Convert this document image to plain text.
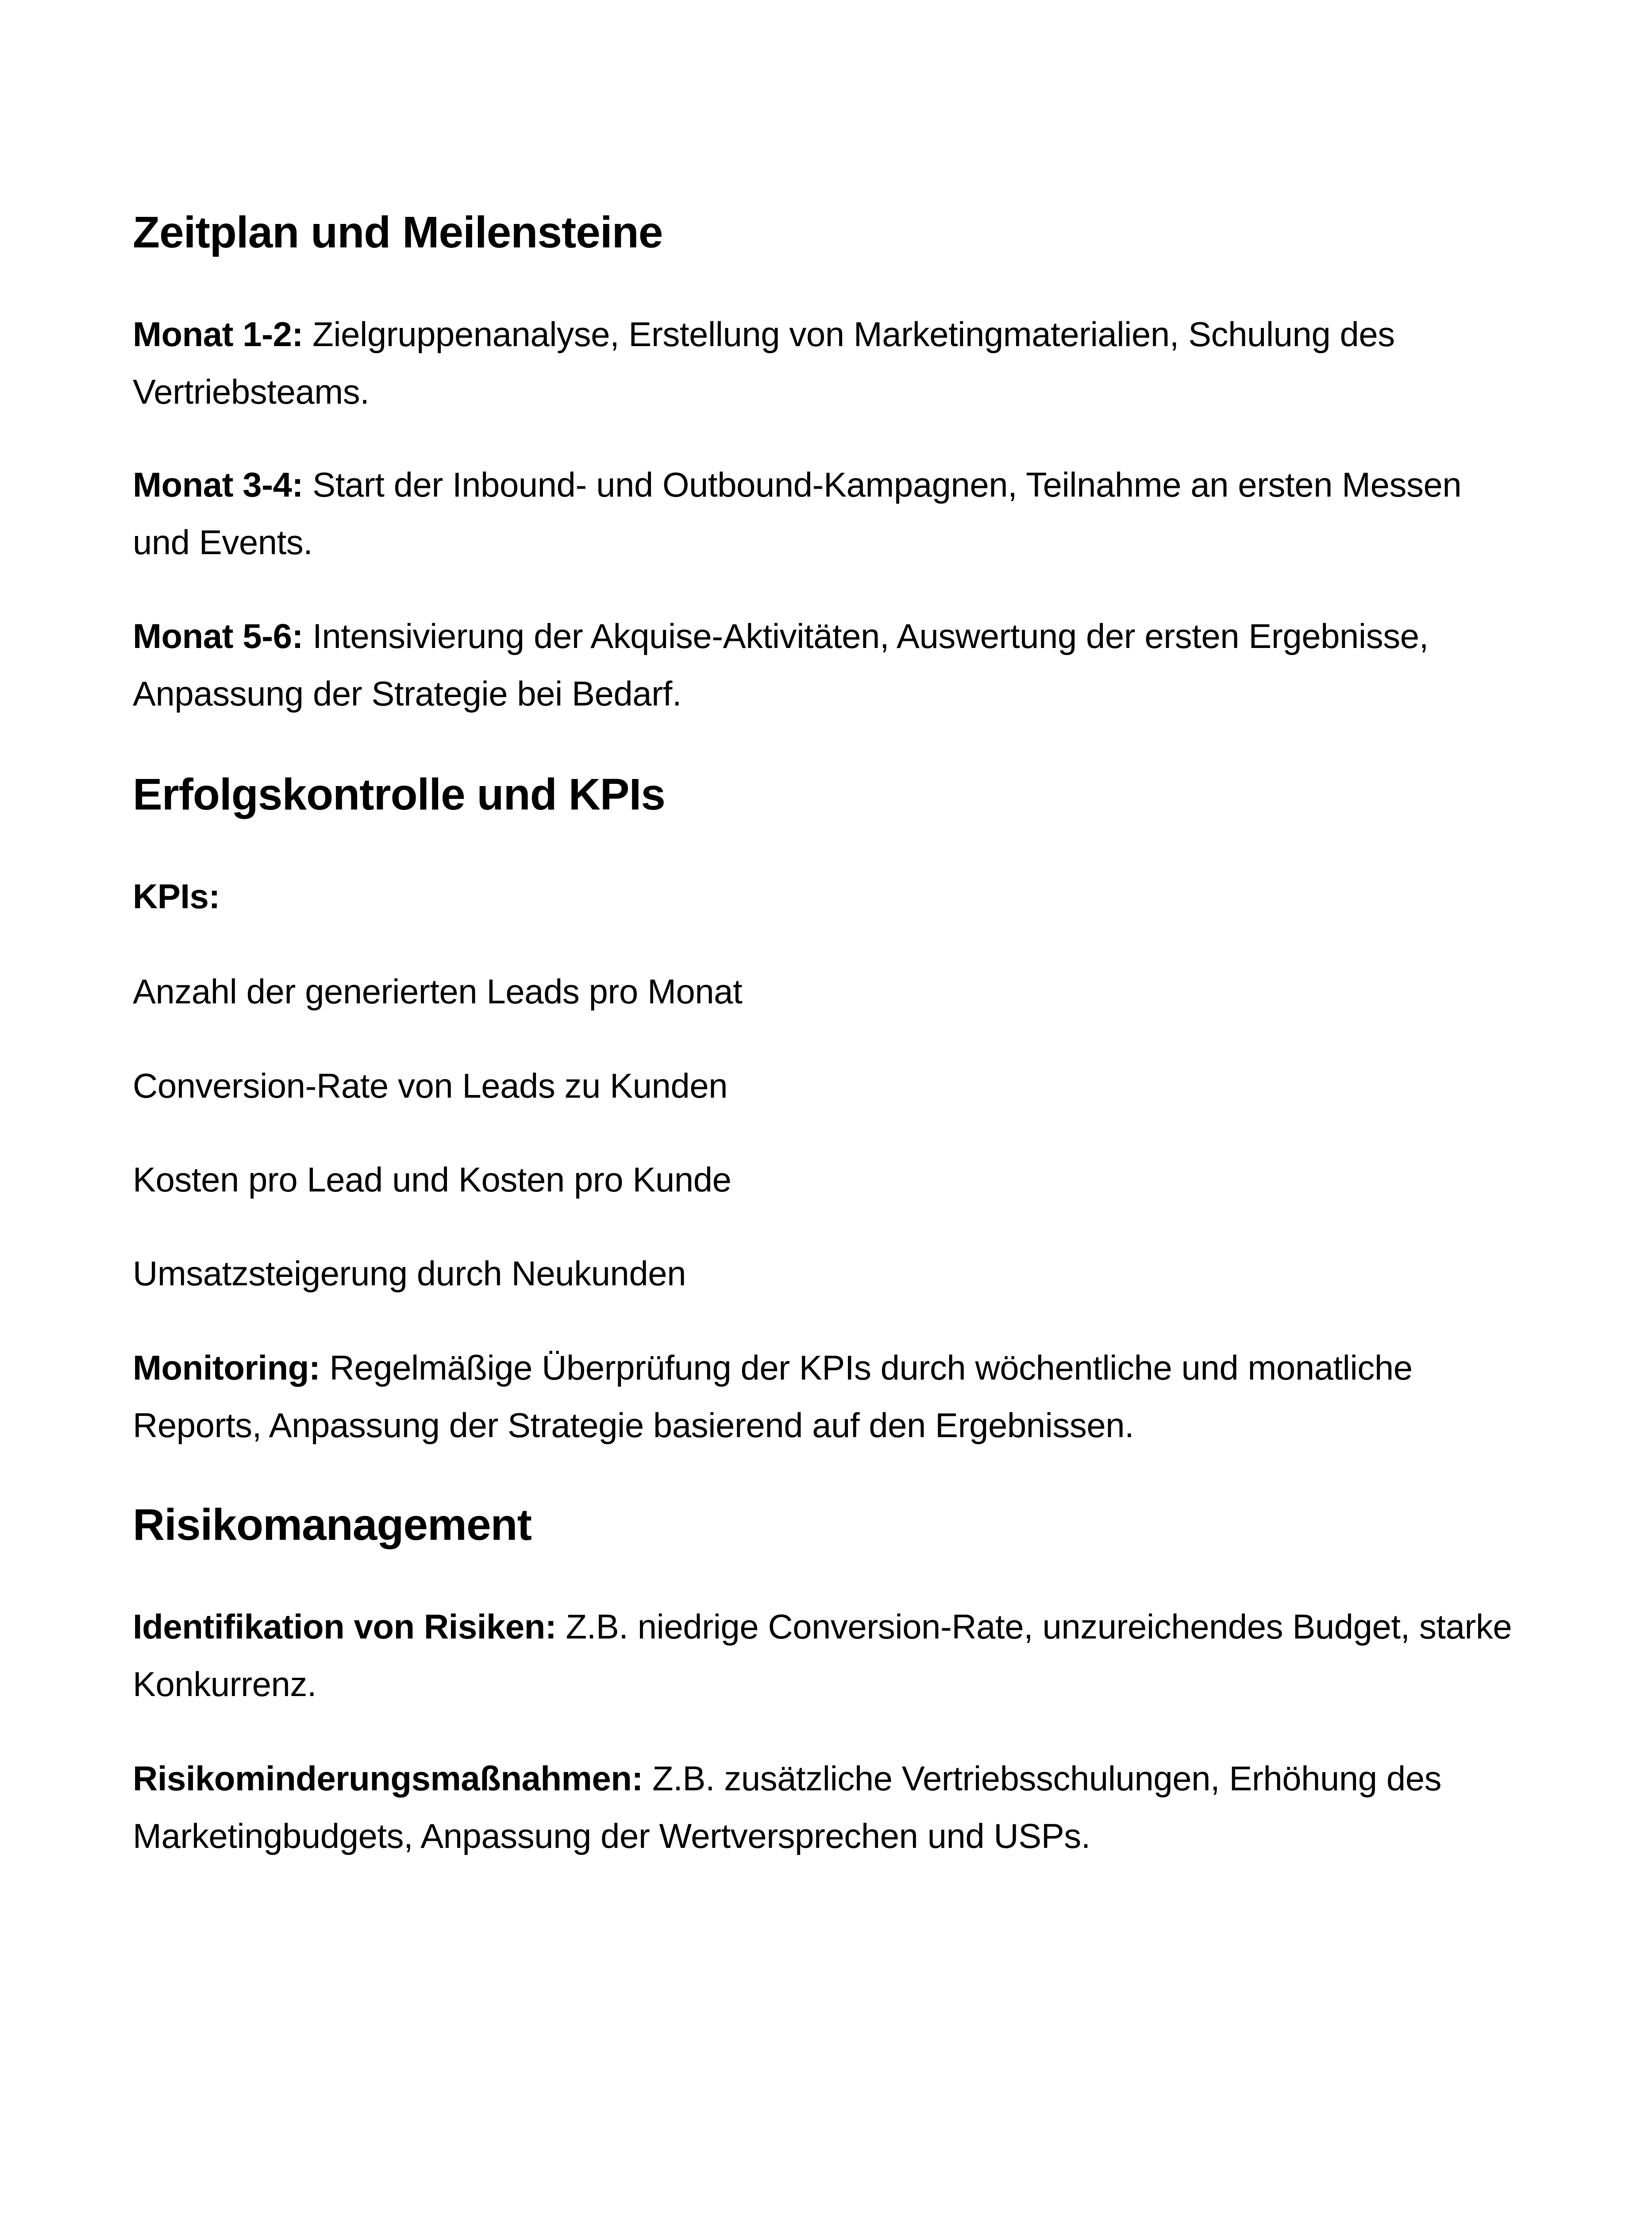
Zeitplan und Meilensteine

Monat 1-2: Zielgruppenanalyse, Erstellung von Marketingmaterialien, Schulung des Vertriebsteams.

Monat 3-4: Start der Inbound- und Outbound-Kampagnen, Teilnahme an ersten Messen und Events.

Monat 5-6: Intensivierung der Akquise-Aktivitäten, Auswertung der ersten Ergebnisse, Anpassung der Strategie bei Bedarf.

Erfolgskontrolle und KPIs

KPIs:

Anzahl der generierten Leads pro Monat

Conversion-Rate von Leads zu Kunden

Kosten pro Lead und Kosten pro Kunde

Umsatzsteigerung durch Neukunden

Monitoring: Regelmäßige Überprüfung der KPIs durch wöchentliche und monatliche Reports, Anpassung der Strategie basierend auf den Ergebnissen.

Risikomanagement

Identifikation von Risiken: Z.B. niedrige Conversion-Rate, unzureichendes Budget, starke Konkurrenz.

Risikominderungsmaßnahmen: Z.B. zusätzliche Vertriebsschulungen, Erhöhung des Marketingbudgets, Anpassung der Wertversprechen und USPs.
